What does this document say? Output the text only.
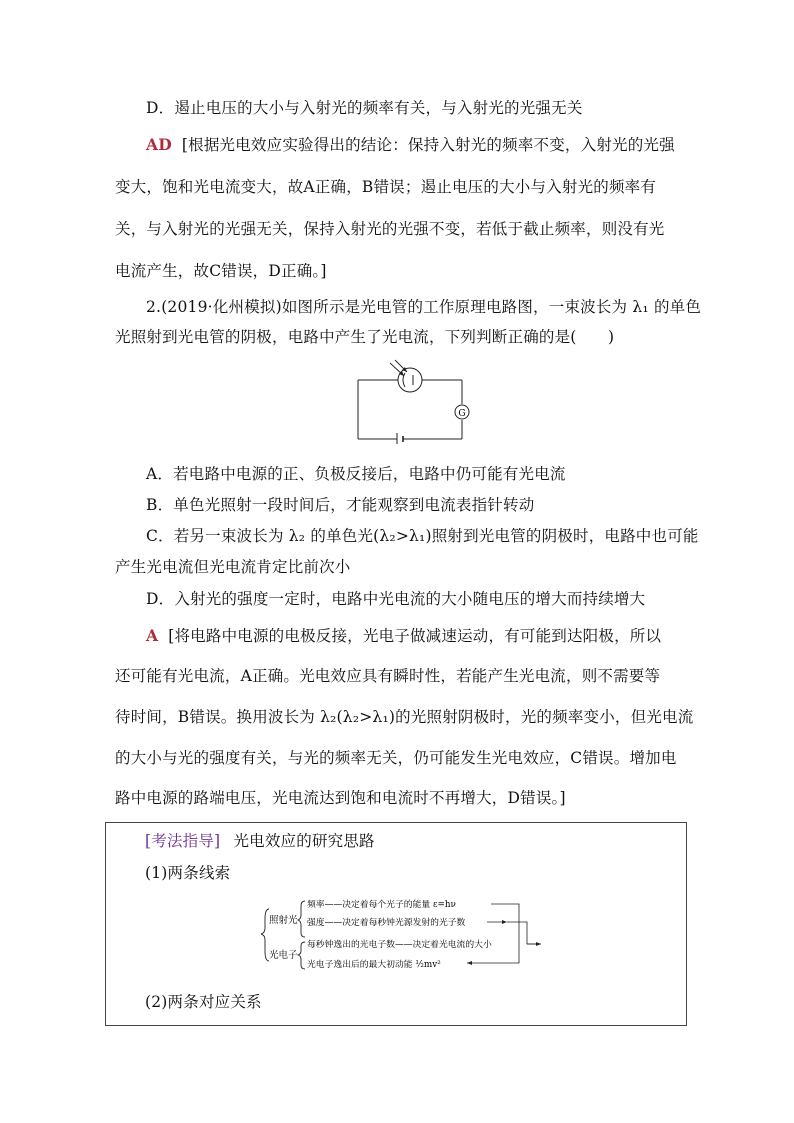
D．遏止电压的大小与入射光的频率有关，与入射光的光强无关
AD [根据光电效应实验得出的结论：保持入射光的频率不变，入射光的光强
变大，饱和光电流变大，故A正确，B错误；遏止电压的大小与入射光的频率有
关，与入射光的光强无关，保持入射光的光强不变，若低于截止频率，则没有光
电流产生，故C错误，D正确。]
2.(2019·化州模拟)如图所示是光电管的工作原理电路图，一束波长为 λ₁ 的单色
光照射到光电管的阴极，电路中产生了光电流，下列判断正确的是(　　)
G
A．若电路中电源的正、负极反接后，电路中仍可能有光电流
B．单色光照射一段时间后，才能观察到电流表指针转动
C．若另一束波长为 λ₂ 的单色光(λ₂>λ₁)照射到光电管的阴极时，电路中也可能
产生光电流但光电流肯定比前次小
D．入射光的强度一定时，电路中光电流的大小随电压的增大而持续增大
A [将电路中电源的电极反接，光电子做减速运动，有可能到达阳极，所以
还可能有光电流，A正确。光电效应具有瞬时性，若能产生光电流，则不需要等
待时间，B错误。换用波长为 λ₂(λ₂>λ₁)的光照射阴极时，光的频率变小，但光电流
的大小与光的强度有关，与光的频率无关，仍可能发生光电效应，C错误。增加电
路中电源的路端电压，光电流达到饱和电流时不再增大，D错误。]
[考法指导] 光电效应的研究思路
(1)两条线索
照射光
光电子
频率——决定着每个光子的能量 ε=hν
强度——决定着每秒钟光源发射的光子数
每秒钟逸出的光电子数——决定着光电流的大小
光电子逸出后的最大初动能 ½mv²
(2)两条对应关系
